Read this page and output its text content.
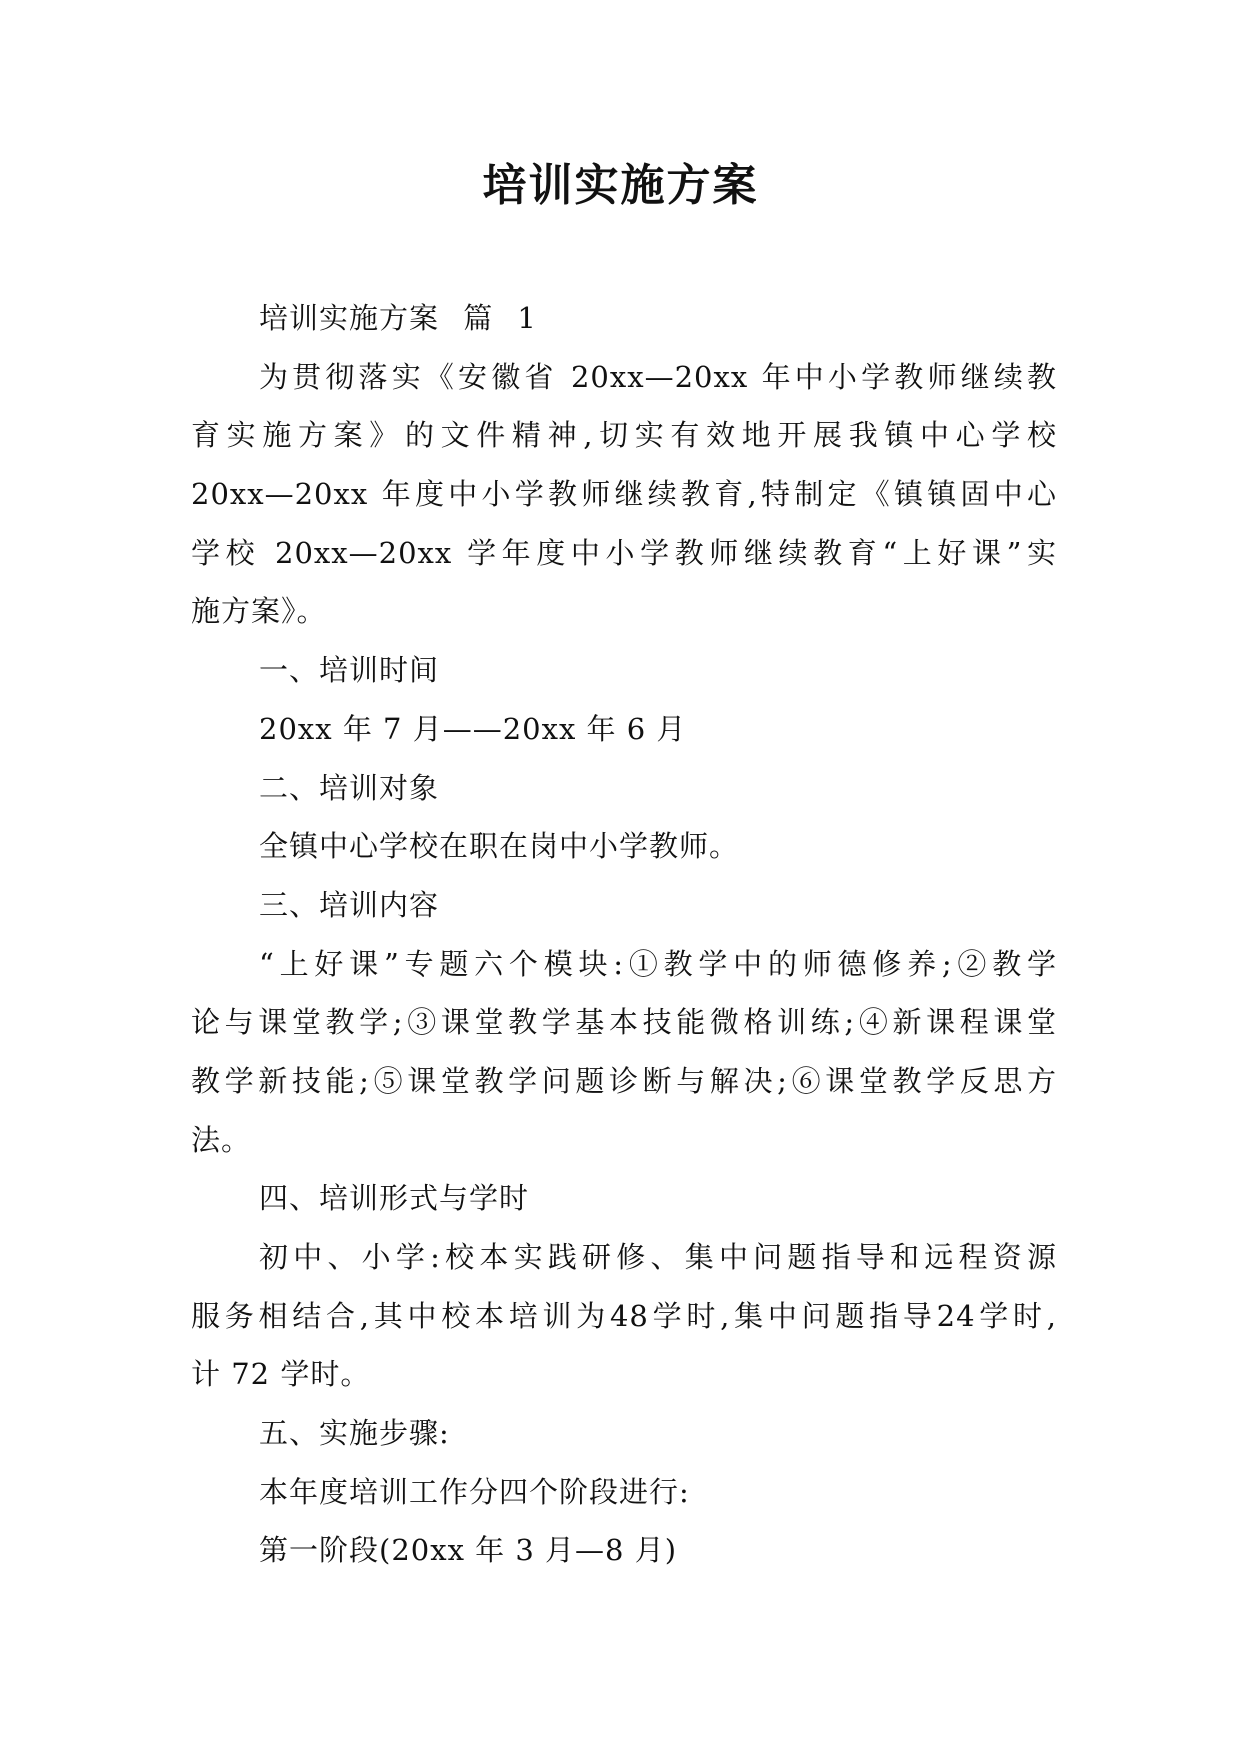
培训实施方案
培训实施方案 篇 1
为贯彻落实《安徽省 20xx—20xx 年中小学教师继续教
育实施方案》的文件精神,切实有效地开展我镇中心学校
20xx—20xx 年度中小学教师继续教育,特制定《镇镇固中心
学校 20xx—20xx 学年度中小学教师继续教育“上好课”实
施方案》。
一、培训时间
20xx 年 7 月——20xx 年 6 月
二、培训对象
全镇中心学校在职在岗中小学教师。
三、培训内容
“上好课”专题六个模块:①教学中的师德修养;②教学
论与课堂教学;③课堂教学基本技能微格训练;④新课程课堂
教学新技能;⑤课堂教学问题诊断与解决;⑥课堂教学反思方
法。
四、培训形式与学时
初中、小学:校本实践研修、集中问题指导和远程资源
服务相结合,其中校本培训为48学时,集中问题指导24学时,
计 72 学时。
五、实施步骤:
本年度培训工作分四个阶段进行:
第一阶段(20xx 年 3 月—8 月)
